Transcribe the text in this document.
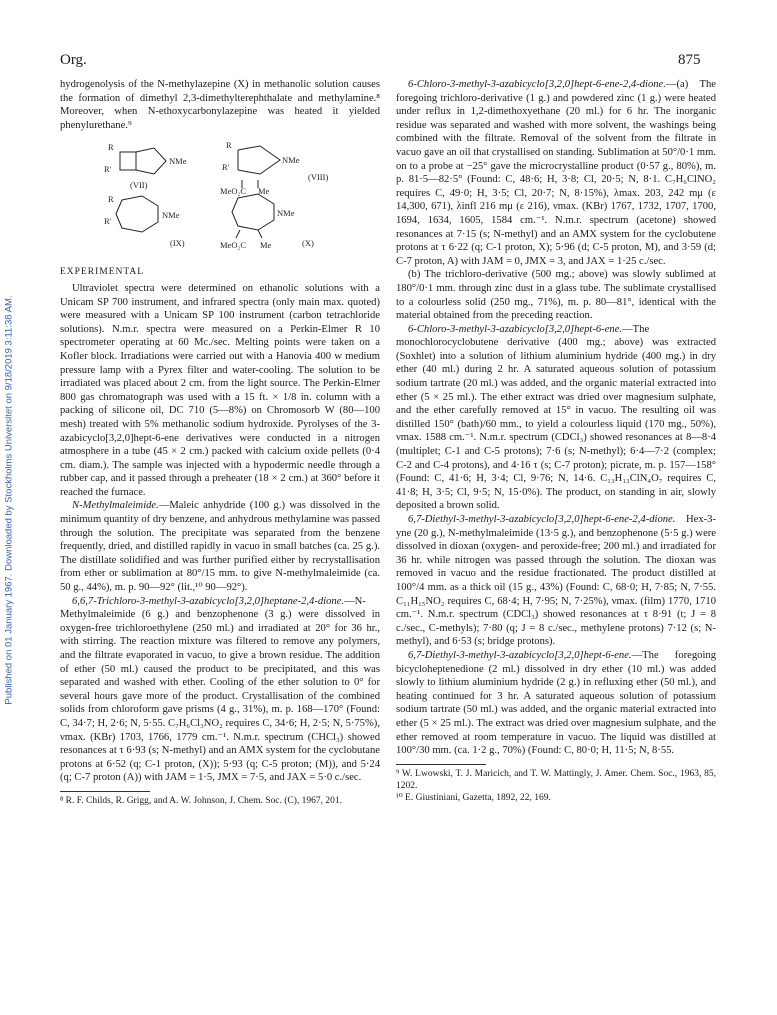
Org.	875
Published on 01 January 1967. Downloaded by Stockholms Universitet on 9/18/2019 3:11:38 AM.

hydrogenolysis of the N-methylazepine (X) in methanolic solution causes the formation of dimethyl 2,3-dimethylterephthalate and methylamine.⁸ Moreover, when N-ethoxycarbonylazepine was heated it yielded phenylurethane.⁹

R
R'
NMe
(VII)
R
R'
NMe
MeO₂C Me
(VIII)
R
R'
NMe
(IX)
NMe
MeO₂C Me	(X)
EXPERIMENTAL

Ultraviolet spectra were determined on ethanolic solutions with a Unicam SP 700 instrument, and infrared spectra (only main max. quoted) were measured with a Unicam SP 100 instrument (carbon tetrachloride solutions). N.m.r. spectra were measured on a Perkin-Elmer R 10 spectrometer operating at 60 Mc./sec. Melting points were taken on a Kofler block. Irradiations were carried out with a Hanovia 400 w medium pressure lamp with a Pyrex filter and water-cooling. The solution to be irradiated was placed about 2 cm. from the light source. The Perkin-Elmer 800 gas chromatograph was used with a 15 ft. × 1/8 in. column with a packing of silicone oil, DC 710 (5—8%) on Chromosorb W (80—100 mesh) treated with 5% methanolic sodium hydroxide. Pyrolyses of the 3-azabicyclo[3,2,0]hept-6-ene derivatives were conducted in a nitrogen atmosphere in a tube (45 × 2 cm.) packed with calcium oxide pellets (0·4 cm. diam.). The sample was injected with a hypodermic needle through a rubber cap, and it passed through a preheater (18 × 2 cm.) at 360° before it reached the furnace.

N-Methylmaleimide.—Maleic anhydride (100 g.) was dissolved in the minimum quantity of dry benzene, and anhydrous methylamine was passed through the solution. The precipitate was separated from the benzene frequently, dried, and distilled rapidly in vacuo in small batches (ca. 25 g.). The distillate solidified and was further purified either by recrystallisation from ether or sublimation at 80°/15 mm. to give N-methylmaleimide (ca. 50 g., 44%), m. p. 90—92° (lit.,¹⁰ 90—92°).

6,6,7-Trichloro-3-methyl-3-azabicyclo[3,2,0]heptane-2,4-dione.—N-Methylmaleimide (6 g.) and benzophenone (3 g.) were dissolved in oxygen-free trichloroethylene (250 ml.) and irradiated at 20° for 36 hr., with stirring. The reaction mixture was filtered to remove any polymers, and the filtrate evaporated in vacuo, to give a brown residue. The addition of ether (50 ml.) caused the product to be precipitated, and this was separated and washed with ether. Cooling of the ether solution to 0° for several hours gave more of the product. Crystallisation of the combined solids from chloroform gave prisms (4 g., 31%), m. p. 168—170° (Found: C, 34·7; H, 2·6; N, 5·55. C₇H₆Cl₃NO₂ requires C, 34·6; H, 2·5; N, 5·75%), νmax. (KBr) 1703, 1766, 1779 cm.⁻¹. N.m.r. spectrum (CHCl₃) showed resonances at τ 6·93 (s; N-methyl) and an AMX system for the cyclobutane protons at 6·52 (q; C-1 proton, (X)); 5·93 (q; C-5 proton; (M)), and 5·24 (q; C-7 proton (A)) with JAM = 1·5, JMX = 7·5, and JAX = 5·0 c./sec.

⁸ R. F. Childs, R. Grigg, and A. W. Johnson, J. Chem. Soc. (C), 1967, 201.

6-Chloro-3-methyl-3-azabicyclo[3,2,0]hept-6-ene-2,4-dione.—(a) The foregoing trichloro-derivative (1 g.) and powdered zinc (1 g.) were heated under reflux in 1,2-dimethoxyethane (20 ml.) for 6 hr. The inorganic residue was separated and washed with more solvent, the washings being combined with the filtrate. Removal of the solvent from the filtrate in vacuo gave an oil that crystallised on standing. Sublimation at 50°/0·1 mm. on to a probe at −25° gave the microcrystalline product (0·57 g., 80%), m. p. 81·5—82·5° (Found: C, 48·6; H, 3·8; Cl, 20·5; N, 8·1. C₇H₆ClNO₂ requires C, 49·0; H, 3·5; Cl, 20·7; N, 8·15%), λmax. 203, 242 mμ (ε 14,300, 671), λinfl 216 mμ (ε 216), νmax. (KBr) 1767, 1732, 1707, 1700, 1694, 1634, 1605, 1584 cm.⁻¹. N.m.r. spectrum (acetone) showed resonances at 7·15 (s; N-methyl) and an AMX system for the cyclobutene protons at τ 6·22 (q; C-1 proton, X); 5·96 (d; C-5 proton, M), and 3·59 (d; C-7 proton, A) with JAM = 0, JMX = 3, and JAX = 1·25 c./sec.

(b) The trichloro-derivative (500 mg.; above) was slowly sublimed at 180°/0·1 mm. through zinc dust in a glass tube. The sublimate crystallised to a colourless solid (250 mg., 71%), m. p. 80—81°, identical with the material obtained from the preceding reaction.

6-Chloro-3-methyl-3-azabicyclo[3,2,0]hept-6-ene.—The monochlorocyclobutene derivative (400 mg.; above) was extracted (Soxhlet) into a solution of lithium aluminium hydride (400 mg.) in dry ether (40 ml.) during 2 hr. A saturated aqueous solution of potassium sodium tartrate (20 ml.) was added, and the organic material extracted into ether (5 × 25 ml.). The ether extract was dried over magnesium sulphate, and the ether carefully removed at 15° in vacuo. The resulting oil was distilled 150° (bath)/60 mm., to yield a colourless liquid (170 mg., 50%), νmax. 1588 cm.⁻¹. N.m.r. spectrum (CDCl₃) showed resonances at 8—8·4 (multiplet; C-1 and C-5 protons); 7·6 (s; N-methyl); 6·4—7·2 (complex; C-2 and C-4 protons), and 4·16 τ (s; C-7 proton); picrate, m. p. 157—158° (Found: C, 41·6; H, 3·4; Cl, 9·76; N, 14·6. C₁₃H₁₃ClN₄O₇ requires C, 41·8; H, 3·5; Cl, 9·5; N, 15·0%). The product, on standing in air, slowly deposited a brown solid.

6,7-Diethyl-3-methyl-3-azabicyclo[3,2,0]hept-6-ene-2,4-dione. Hex-3-yne (20 g.), N-methylmaleimide (13·5 g.), and benzophenone (5·5 g.) were dissolved in dioxan (oxygen- and peroxide-free; 200 ml.) and irradiated for 36 hr. while nitrogen was passed through the solution. The dioxan was removed in vacuo and the residue fractionated. The product distilled at 100°/4 mm. as a thick oil (15 g., 43%) (Found: C, 68·0; H, 7·85; N, 7·55. C₁₁H₁₅NO₂ requires C, 68·4; H, 7·95; N, 7·25%), νmax. (film) 1770, 1710 cm.⁻¹. N.m.r. spectrum (CDCl₃) showed resonances at τ 8·91 (t; J = 8 c./sec., C-methyls); 7·80 (q; J = 8 c./sec., methylene protons) 7·12 (s; N-methyl), and 6·53 (s; bridge protons).

6,7-Diethyl-3-methyl-3-azabicyclo[3,2,0]hept-6-ene.—The foregoing bicycloheptenedione (2 ml.) dissolved in dry ether (10 ml.) was added slowly to lithium aluminium hydride (2 g.) in refluxing ether (50 ml.), and heating continued for 3 hr. A saturated aqueous solution of potassium sodium tartrate (50 ml.) was added, and the organic material extracted into ether (5 × 25 ml.). The extract was dried over magnesium sulphate, and the ether removed at room temperature in vacuo. The liquid was distilled at 100°/30 mm. (ca. 1·2 g., 70%) (Found: C, 80·0; H, 11·5; N, 8·55.

⁹ W. Lwowski, T. J. Maricich, and T. W. Mattingly, J. Amer. Chem. Soc., 1963, 85, 1202.

¹⁰ E. Giustiniani, Gazetta, 1892, 22, 169.
